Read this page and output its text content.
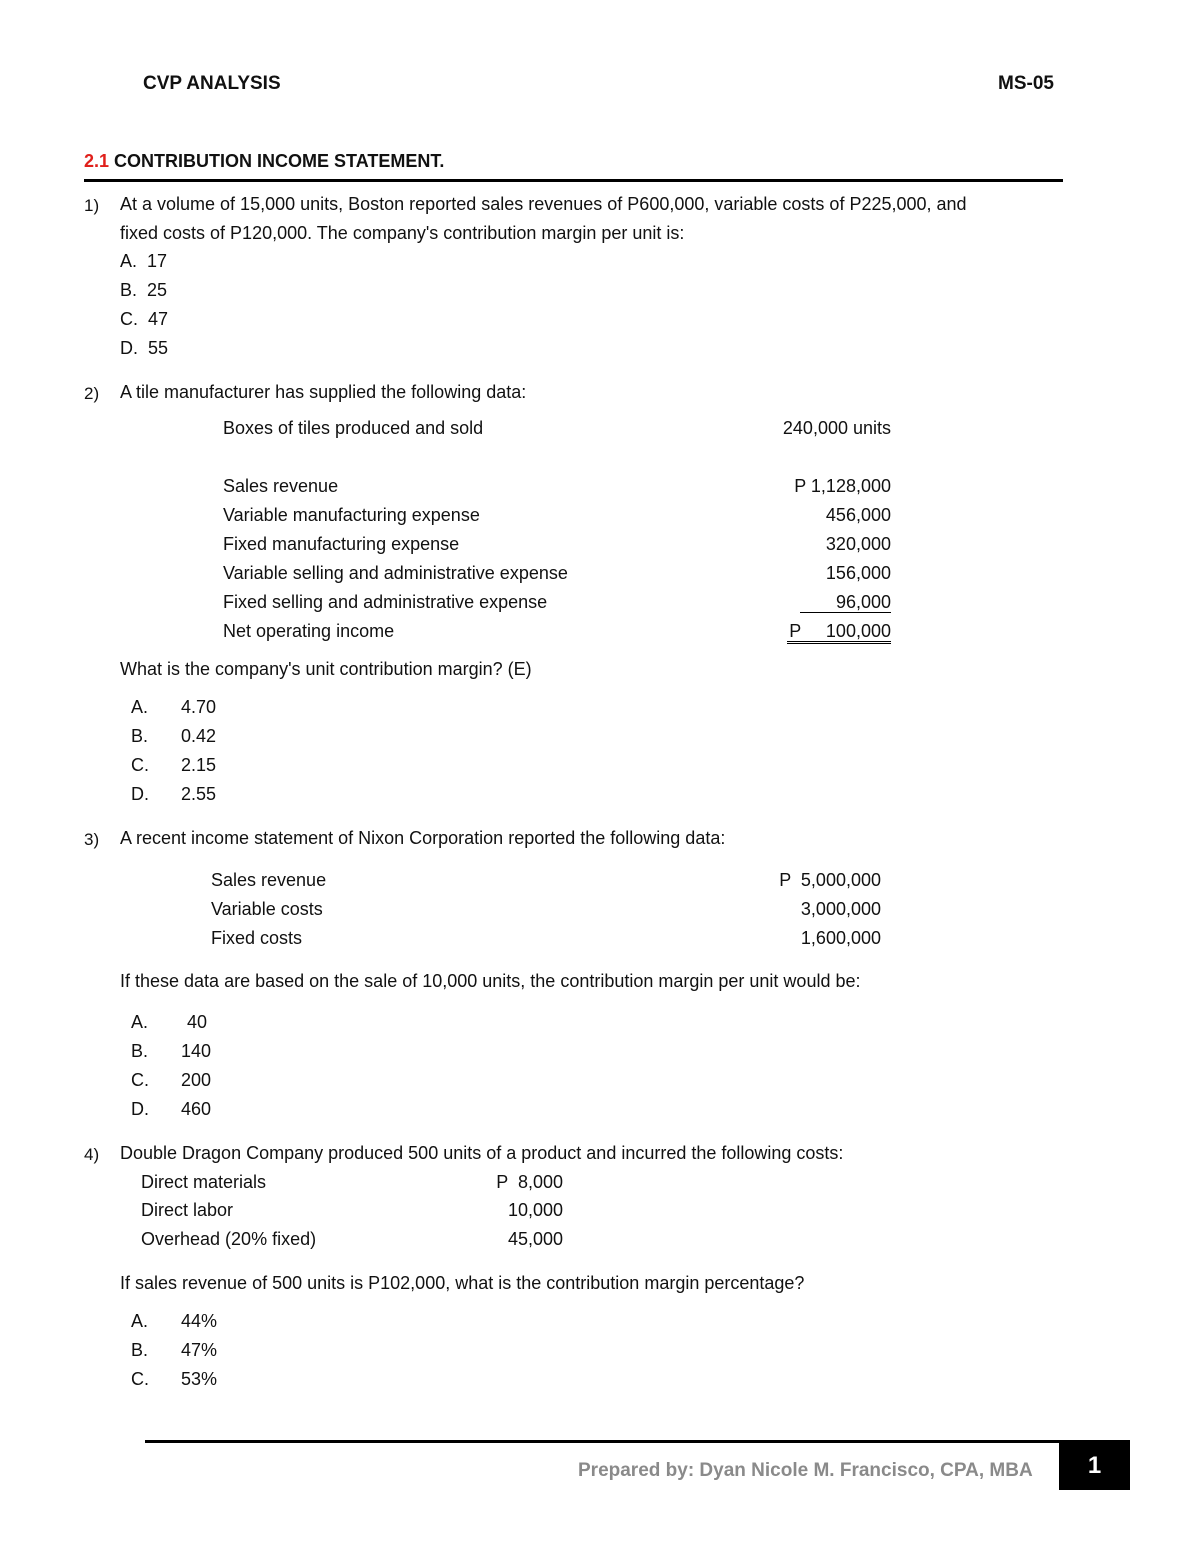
CVP ANALYSIS	MS-05
2.1 CONTRIBUTION INCOME STATEMENT.
1) At a volume of 15,000 units, Boston reported sales revenues of P600,000, variable costs of P225,000, and
fixed costs of P120,000. The company's contribution margin per unit is:
A. 17
B. 25
C. 47
D. 55
2) A tile manufacturer has supplied the following data:
Boxes of tiles produced and sold	240,000 units
Sales revenue	P 1,128,000
Variable manufacturing expense	456,000
Fixed manufacturing expense	320,000
Variable selling and administrative expense	156,000
Fixed selling and administrative expense	96,000
Net operating income	P     100,000
What is the company's unit contribution margin? (E)
A. 4.70
B. 0.42
C. 2.15
D. 2.55
3) A recent income statement of Nixon Corporation reported the following data:
Sales revenue	P  5,000,000
Variable costs	3,000,000
Fixed costs	1,600,000
If these data are based on the sale of 10,000 units, the contribution margin per unit would be:
A. 40
B. 140
C. 200
D. 460
4) Double Dragon Company produced 500 units of a product and incurred the following costs:
Direct materials	P  8,000
Direct labor	10,000
Overhead (20% fixed)	45,000
If sales revenue of 500 units is P102,000, what is the contribution margin percentage?
A. 44%
B. 47%
C. 53%
Prepared by: Dyan Nicole M. Francisco, CPA, MBA	1
